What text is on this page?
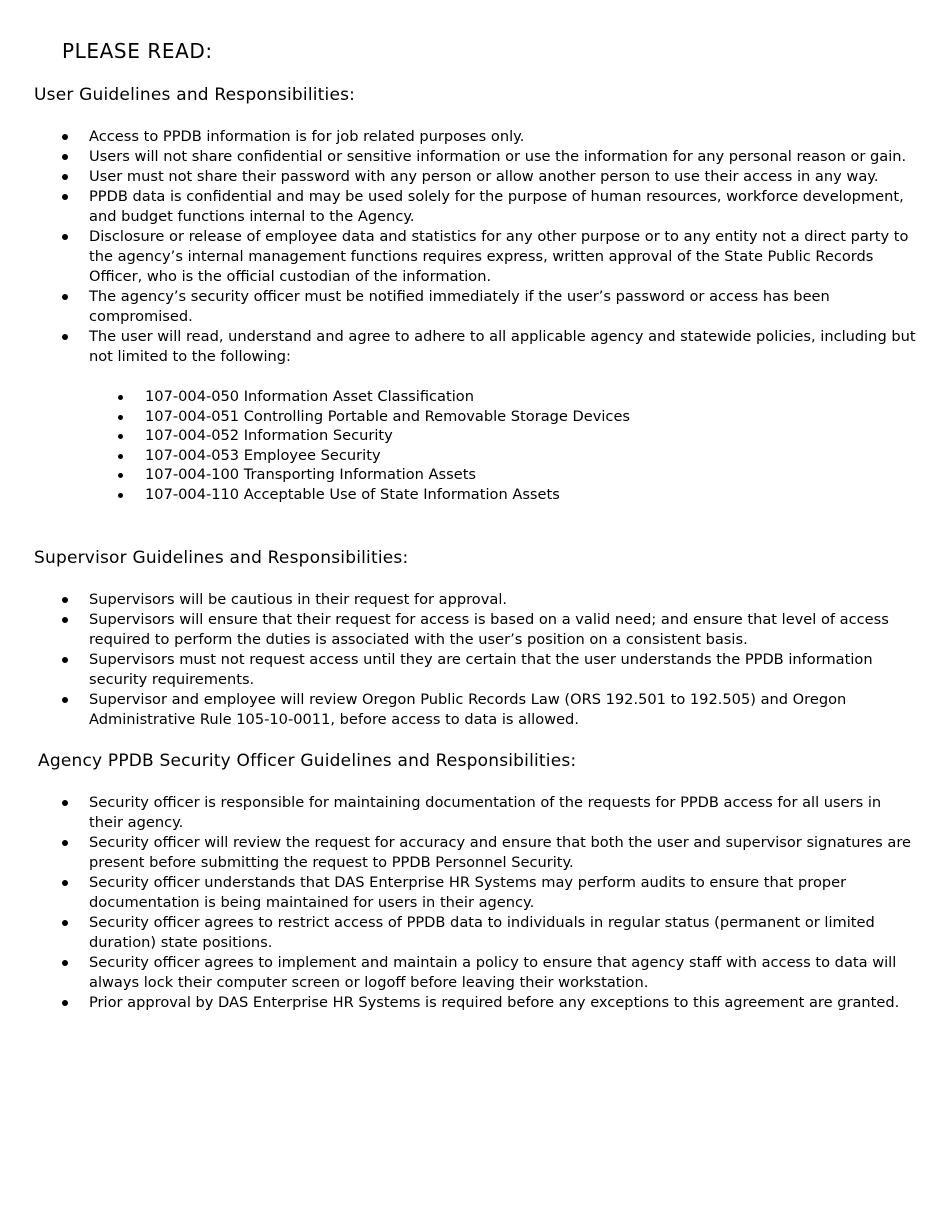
PLEASE READ:
User Guidelines and Responsibilities:
Access to PPDB information is for job related purposes only.
Users will not share confidential or sensitive information or use the information for any personal reason or gain.
User must not share their password with any person or allow another person to use their access in any way.
PPDB data is confidential and may be used solely for the purpose of human resources, workforce development, and budget functions internal to the Agency.
Disclosure or release of employee data and statistics for any other purpose or to any entity not a direct party to the agency’s internal management functions requires express, written approval of the State Public Records Officer, who is the official custodian of the information.
The agency’s security officer must be notified immediately if the user’s password or access has been compromised.
The user will read, understand and agree to adhere to all applicable agency and statewide policies, including but not limited to the following:
107-004-050 Information Asset Classification
107-004-051 Controlling Portable and Removable Storage Devices
107-004-052 Information Security
107-004-053 Employee Security
107-004-100 Transporting Information Assets
107-004-110 Acceptable Use of State Information Assets
Supervisor Guidelines and Responsibilities:
Supervisors will be cautious in their request for approval.
Supervisors will ensure that their request for access is based on a valid need; and ensure that level of access required to perform the duties is associated with the user’s position on a consistent basis.
Supervisors must not request access until they are certain that the user understands the PPDB information security requirements.
Supervisor and employee will review Oregon Public Records Law (ORS 192.501 to 192.505) and Oregon Administrative Rule 105-10-0011, before access to data is allowed.
Agency PPDB Security Officer Guidelines and Responsibilities:
Security officer is responsible for maintaining documentation of the requests for PPDB access for all users in their agency.
Security officer will review the request for accuracy and ensure that both the user and supervisor signatures are present before submitting the request to PPDB Personnel Security.
Security officer understands that DAS Enterprise HR Systems may perform audits to ensure that proper documentation is being maintained for users in their agency.
Security officer agrees to restrict access of PPDB data to individuals in regular status (permanent or limited duration) state positions.
Security officer agrees to implement and maintain a policy to ensure that agency staff with access to data will always lock their computer screen or logoff before leaving their workstation.
Prior approval by DAS Enterprise HR Systems is required before any exceptions to this agreement are granted.
